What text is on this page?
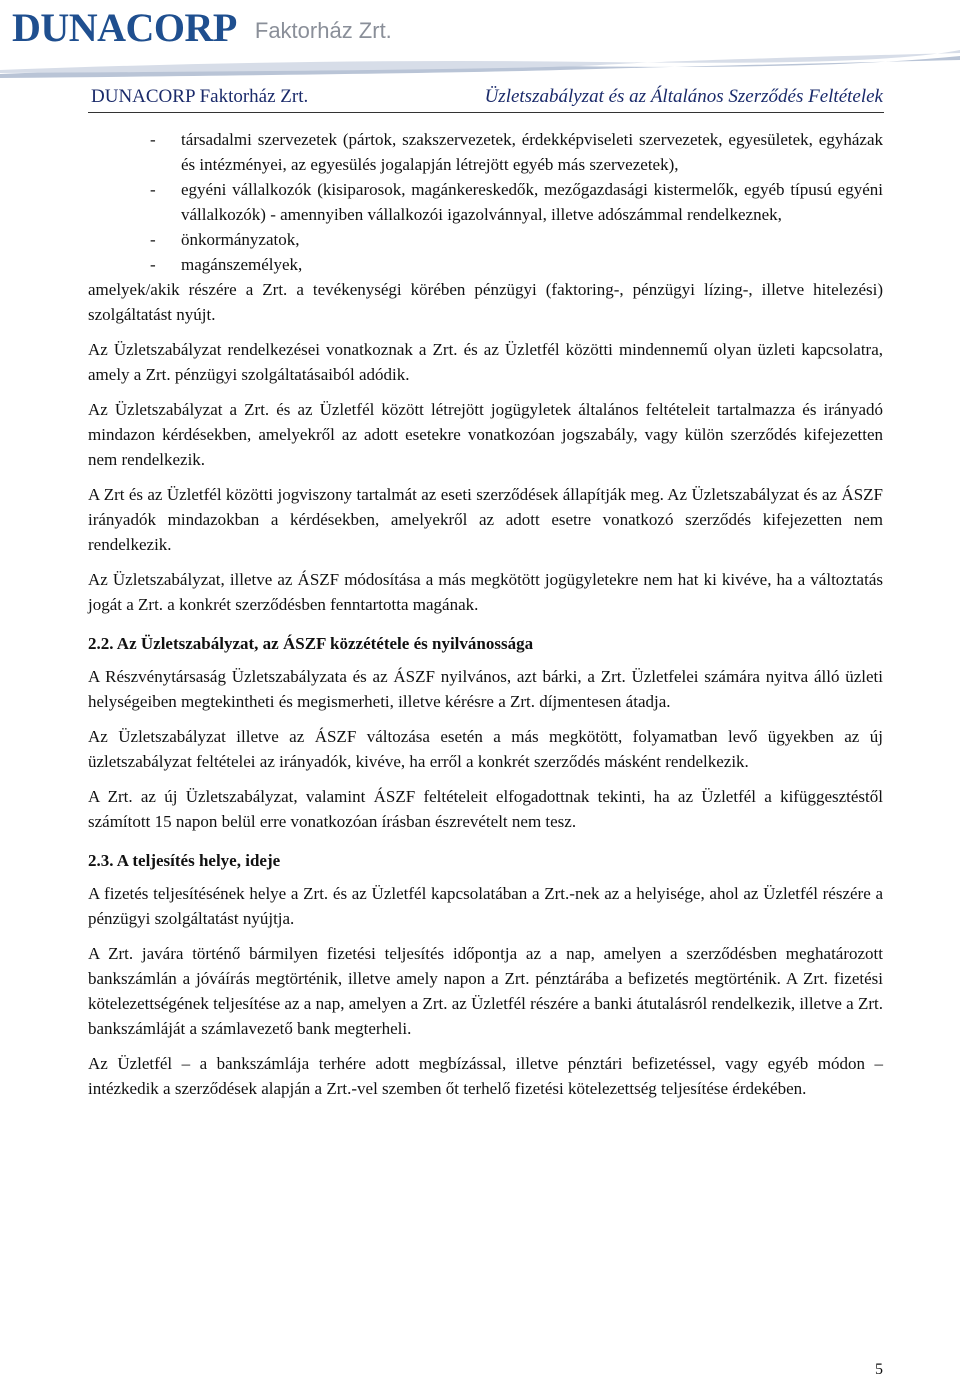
DUNACORP Faktorház Zrt.
DUNACORP Faktorház Zrt.	Üzletszabályzat és az Általános Szerződés Feltételek
-	társadalmi szervezetek (pártok, szakszervezetek, érdekképviseleti szervezetek, egyesületek, egyházak és intézményei, az egyesülés jogalapján létrejött egyéb más szervezetek),
-	egyéni vállalkozók (kisiparosok, magánkereskedők, mezőgazdasági kistermelők, egyéb típusú egyéni vállalkozók) - amennyiben vállalkozói igazolvánnyal, illetve adószámmal rendelkeznek,
-	önkormányzatok,
-	magánszemélyek,

amelyek/akik részére a Zrt. a tevékenységi körében pénzügyi (faktoring-, pénzügyi lízing-, illetve hitelezési) szolgáltatást nyújt.

Az Üzletszabályzat rendelkezései vonatkoznak a Zrt. és az Üzletfél közötti mindennemű olyan üzleti kapcsolatra, amely a Zrt. pénzügyi szolgáltatásaiból adódik.

Az Üzletszabályzat a Zrt. és az Üzletfél között létrejött jogügyletek általános feltételeit tartalmazza és irányadó mindazon kérdésekben, amelyekről az adott esetekre vonatkozóan jogszabály, vagy külön szerződés kifejezetten nem rendelkezik.

A Zrt és az Üzletfél közötti jogviszony tartalmát az eseti szerződések állapítják meg. Az Üzletszabályzat és az ÁSZF irányadók mindazokban a kérdésekben, amelyekről az adott esetre vonatkozó szerződés kifejezetten nem rendelkezik.

Az Üzletszabályzat, illetve az ÁSZF módosítása a más megkötött jogügyletekre nem hat ki kivéve, ha a változtatás jogát a Zrt. a konkrét szerződésben fenntartotta magának.

2.2. Az Üzletszabályzat, az ÁSZF közzététele és nyilvánossága

A Részvénytársaság Üzletszabályzata és az ÁSZF nyilvános, azt bárki, a Zrt. Üzletfelei számára nyitva álló üzleti helységeiben megtekintheti és megismerheti, illetve kérésre a Zrt. díjmentesen átadja.

Az Üzletszabályzat illetve az ÁSZF változása esetén a más megkötött, folyamatban levő ügyekben az új üzletszabályzat feltételei az irányadók, kivéve, ha erről a konkrét szerződés másként rendelkezik.

A Zrt. az új Üzletszabályzat, valamint ÁSZF feltételeit elfogadottnak tekinti, ha az Üzletfél a kifüggesztéstől számított 15 napon belül erre vonatkozóan írásban észrevételt nem tesz.

2.3. A teljesítés helye, ideje

A fizetés teljesítésének helye a Zrt. és az Üzletfél kapcsolatában a Zrt.-nek az a helyisége, ahol az Üzletfél részére a pénzügyi szolgáltatást nyújtja.

A Zrt. javára történő bármilyen fizetési teljesítés időpontja az a nap, amelyen a szerződésben meghatározott bankszámlán a jóváírás megtörténik, illetve amely napon a Zrt. pénztárába a befizetés megtörténik. A Zrt. fizetési kötelezettségének teljesítése az a nap, amelyen a Zrt. az Üzletfél részére a banki átutalásról rendelkezik, illetve a Zrt. bankszámláját a számlavezető bank megterheli.

Az Üzletfél – a bankszámlája terhére adott megbízással, illetve pénztári befizetéssel, vagy egyéb módon – intézkedik a szerződések alapján a Zrt.-vel szemben őt terhelő fizetési kötelezettség teljesítése érdekében.

5
